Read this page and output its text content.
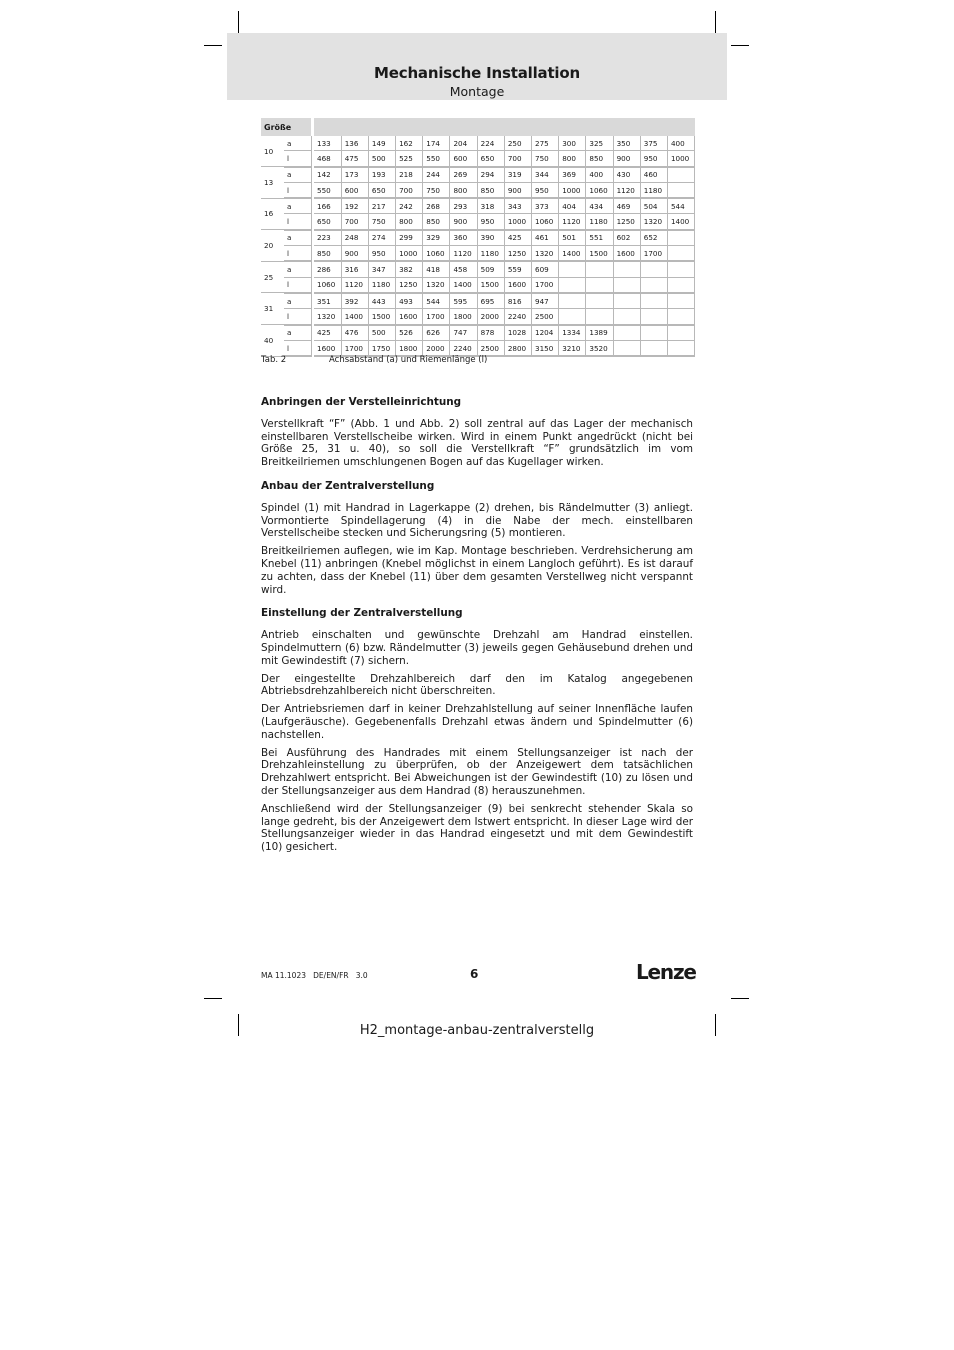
Mechanische Installation
Montage
Größe																
10	a		133	136	149	162	174	204	224	250	275	300	325	350	375	400
	l		468	475	500	525	550	600	650	700	750	800	850	900	950	1000
13	a		142	173	193	218	244	269	294	319	344	369	400	430	460	
	l		550	600	650	700	750	800	850	900	950	1000	1060	1120	1180	
16	a		166	192	217	242	268	293	318	343	373	404	434	469	504	544
	l		650	700	750	800	850	900	950	1000	1060	1120	1180	1250	1320	1400
20	a		223	248	274	299	329	360	390	425	461	501	551	602	652	
	l		850	900	950	1000	1060	1120	1180	1250	1320	1400	1500	1600	1700	
25	a		286	316	347	382	418	458	509	559	609					
	l		1060	1120	1180	1250	1320	1400	1500	1600	1700					
31	a		351	392	443	493	544	595	695	816	947					
	l		1320	1400	1500	1600	1700	1800	2000	2240	2500					
40	a		425	476	500	526	626	747	878	1028	1204	1334	1389			
	l		1600	1700	1750	1800	2000	2240	2500	2800	3150	3210	3520			
Tab. 2	Achsabstand (a) und Riemenlänge (l)
Anbringen der Verstelleinrichtung

Verstellkraft “F” (Abb. 1 und Abb. 2) soll zentral auf das Lager der mechanisch einstellbaren Verstellscheibe wirken. Wird in einem Punkt angedrückt (nicht bei Größe 25, 31 u. 40), so soll die Verstellkraft “F” grundsätzlich im vom Breitkeilriemen umschlungenen Bogen auf das Kugellager wirken.

Anbau der Zentralverstellung

Spindel (1) mit Handrad in Lagerkappe (2) drehen, bis Rändelmutter (3) anliegt. Vormontierte Spindellagerung (4) in die Nabe der mech. einstellbaren Verstellscheibe stecken und Sicherungsring (5) montieren.

Breitkeilriemen auflegen, wie im Kap. Montage beschrieben. Verdrehsicherung am Knebel (11) anbringen (Knebel möglichst in einem Langloch geführt). Es ist darauf zu achten, dass der Knebel (11) über dem gesamten Verstellweg nicht verspannt wird.

Einstellung der Zentralverstellung

Antrieb einschalten und gewünschte Drehzahl am Handrad einstellen. Spindelmuttern (6) bzw. Rändelmutter (3) jeweils gegen Gehäusebund drehen und mit Gewindestift (7) sichern.

Der eingestellte Drehzahlbereich darf den im Katalog angegebenen Abtriebsdrehzahlbereich nicht überschreiten.

Der Antriebsriemen darf in keiner Drehzahlstellung auf seiner Innenfläche laufen (Laufgeräusche). Gegebenenfalls Drehzahl etwas ändern und Spindelmutter (6) nachstellen.

Bei Ausführung des Handrades mit einem Stellungsanzeiger ist nach der Drehzahleinstellung zu überprüfen, ob der Anzeigewert dem tatsächlichen Drehzahlwert entspricht. Bei Abweichungen ist der Gewindestift (10) zu lösen und der Stellungsanzeiger aus dem Handrad (8) herauszunehmen.

Anschließend wird der Stellungsanzeiger (9) bei senkrecht stehender Skala so lange gedreht, bis der Anzeigewert dem Istwert entspricht. In dieser Lage wird der Stellungsanzeiger wieder in das Handrad eingesetzt und mit dem Gewindestift (10) gesichert.

MA 11.1023   DE/EN/FR   3.0	6	Lenze
H2_montage-anbau-zentralverstellg
